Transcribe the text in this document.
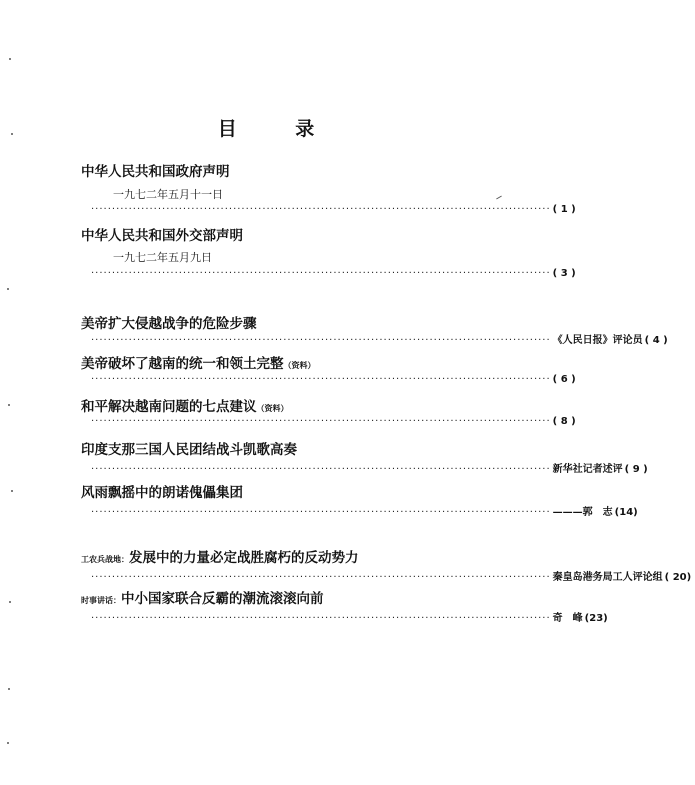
目 录
中华人民共和国政府声明
一九七二年五月十一日
·············································································································· ( 1 )
中华人民共和国外交部声明
一九七二年五月九日
·············································································································· ( 3 )
美帝扩大侵越战争的危险步骤
·············································································································· 《人民日报》评论员 ( 4 )
美帝破坏了越南的统一和领土完整（资料）
·············································································································· ( 6 )
和平解决越南问题的七点建议（资料）
·············································································································· ( 8 )
印度支那三国人民团结战斗凯歌高奏
·············································································································· 新华社记者述评 ( 9 )
风雨飘摇中的朗诺傀儡集团
·············································································································· ———郭　志 (14)
工农兵战地：发展中的力量必定战胜腐朽的反动势力
·············································································································· 秦皇岛港务局工人评论组 ( 20)
时事讲话：中小国家联合反霸的潮流滚滚向前
·············································································································· 奇　峰 (23)
